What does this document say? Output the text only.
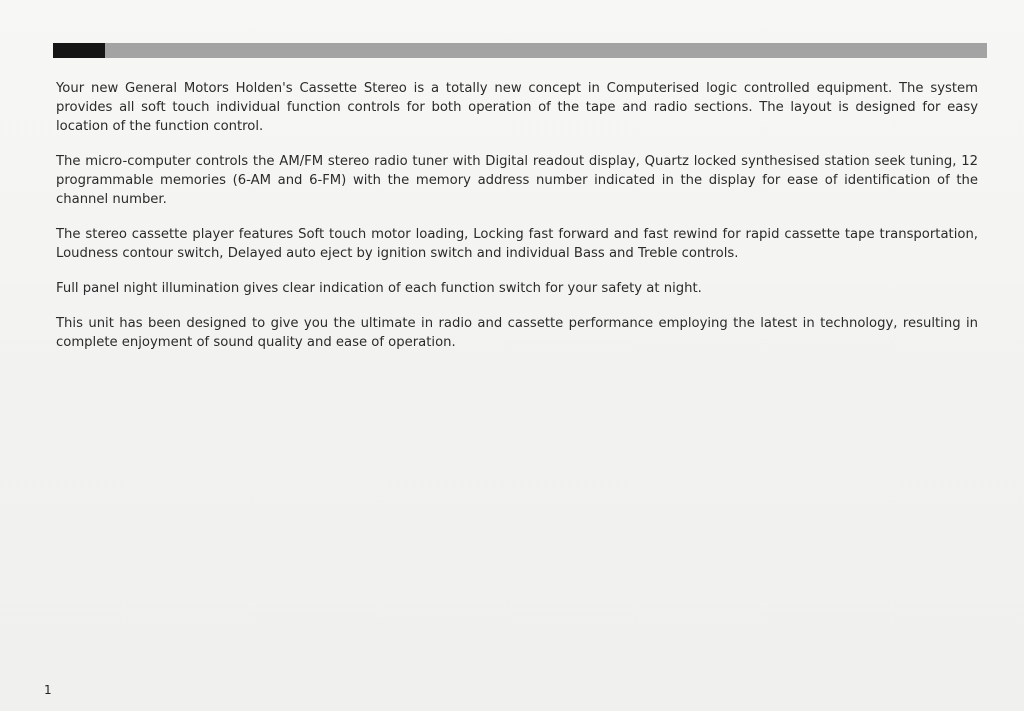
Your new General Motors Holden's Cassette Stereo is a totally new concept in Computerised logic controlled equipment. The system provides all soft touch individual function controls for both operation of the tape and radio sections. The layout is designed for easy location of the function control.

The micro-computer controls the AM/FM stereo radio tuner with Digital readout display, Quartz locked synthesised station seek tuning, 12 programmable memories (6-AM and 6-FM) with the memory address number indicated in the display for ease of identification of the channel number.

The stereo cassette player features Soft touch motor loading, Locking fast forward and fast rewind for rapid cassette tape transportation, Loudness contour switch, Delayed auto eject by ignition switch and individual Bass and Treble controls.

Full panel night illumination gives clear indication of each function switch for your safety at night.

This unit has been designed to give you the ultimate in radio and cassette performance employing the latest in technology, resulting in complete enjoyment of sound quality and ease of operation.

1
